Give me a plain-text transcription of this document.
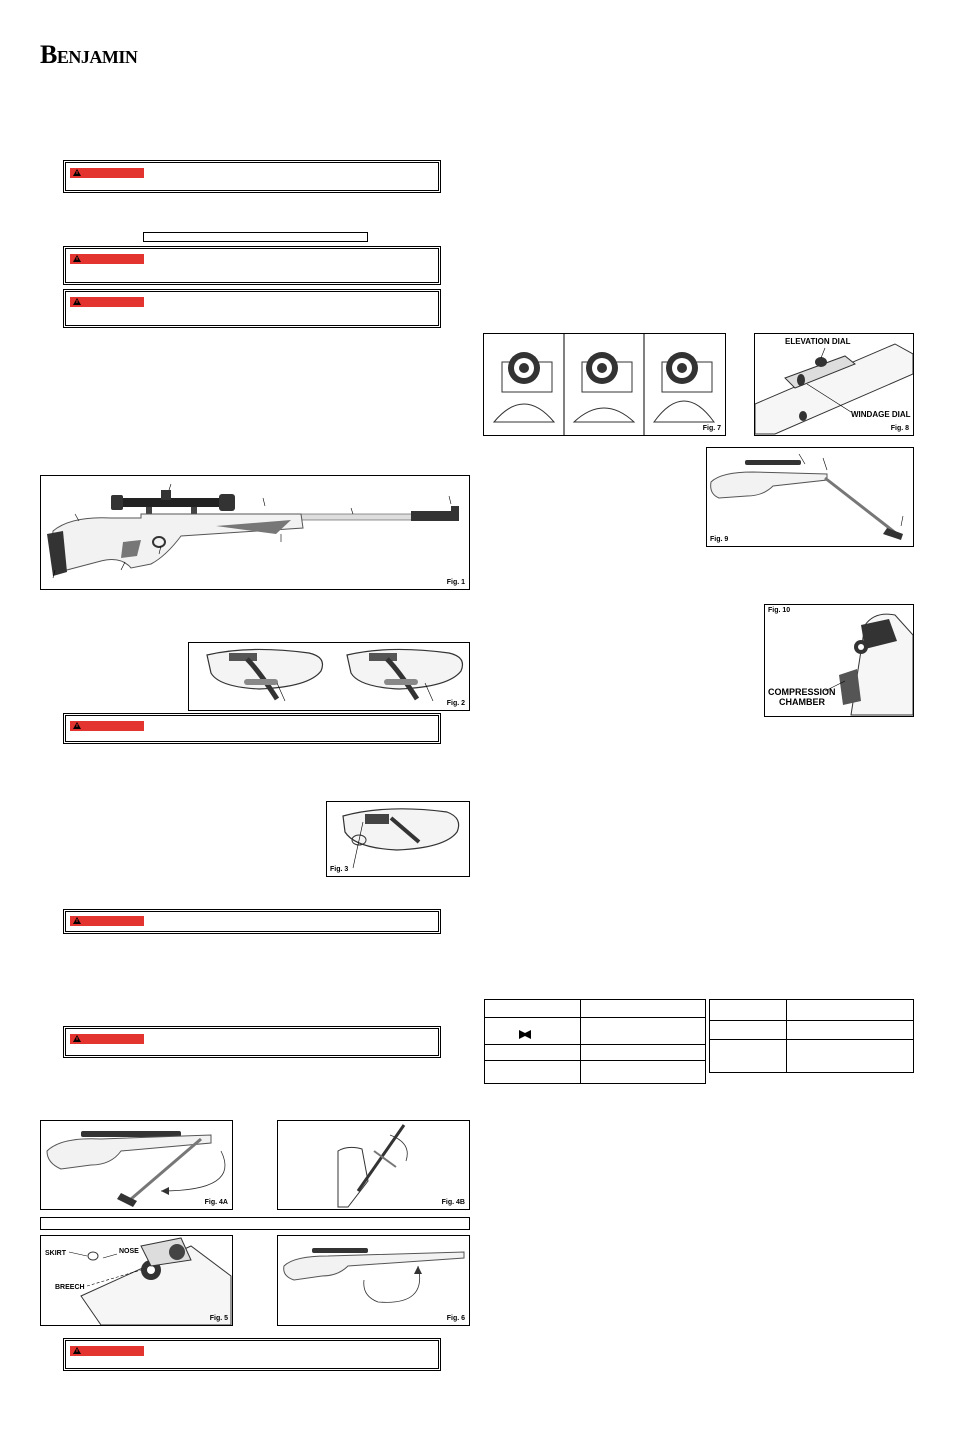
Benjamin
Fig. 1
Fig. 2
Fig. 3
Fig. 4A	Fig. 4B
SKIRT	NOSE
BREECH
Fig. 5	Fig. 6
Fig. 7
ELEVATION DIAL
WINDAGE DIAL
Fig. 8
Fig. 9
Fig. 10
COMPRESSION
CHAMBER
